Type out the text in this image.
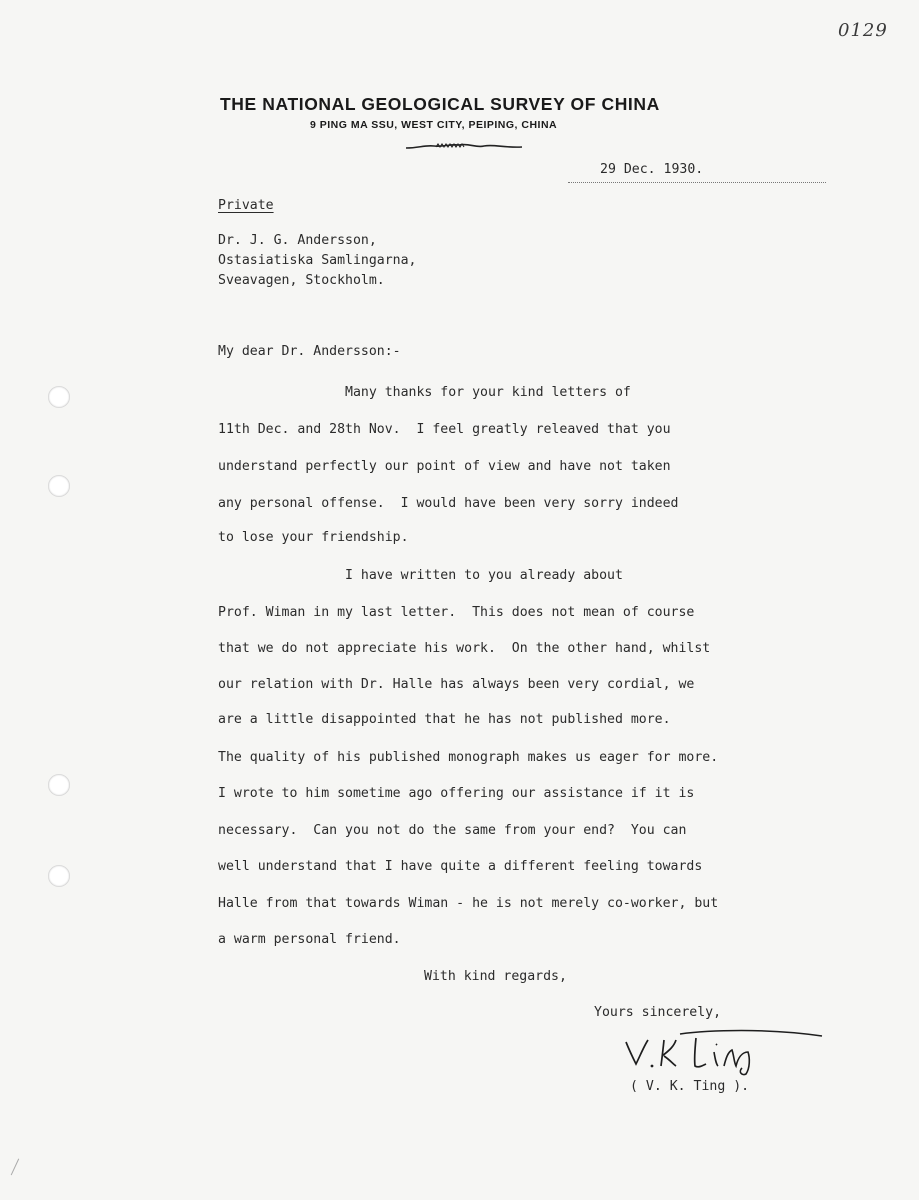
0129
THE NATIONAL GEOLOGICAL SURVEY OF CHINA
9 PING MA SSU, WEST CITY, PEIPING, CHINA
29 Dec. 1930.
Private
Dr. J. G. Andersson,
Ostasiatiska Samlingarna,
Sveavagen, Stockholm.
My dear Dr. Andersson:-
Many thanks for your kind letters of
11th Dec. and 28th Nov.  I feel greatly releaved that you
understand perfectly our point of view and have not taken
any personal offense.  I would have been very sorry indeed
to lose your friendship.
I have written to you already about
Prof. Wiman in my last letter.  This does not mean of course
that we do not appreciate his work.  On the other hand, whilst
our relation with Dr. Halle has always been very cordial, we
are a little disappointed that he has not published more.
The quality of his published monograph makes us eager for more.
I wrote to him sometime ago offering our assistance if it is
necessary.  Can you not do the same from your end?  You can
well understand that I have quite a different feeling towards
Halle from that towards Wiman - he is not merely co-worker, but
a warm personal friend.
With kind regards,
Yours sincerely,
( V. K. Ting ).
